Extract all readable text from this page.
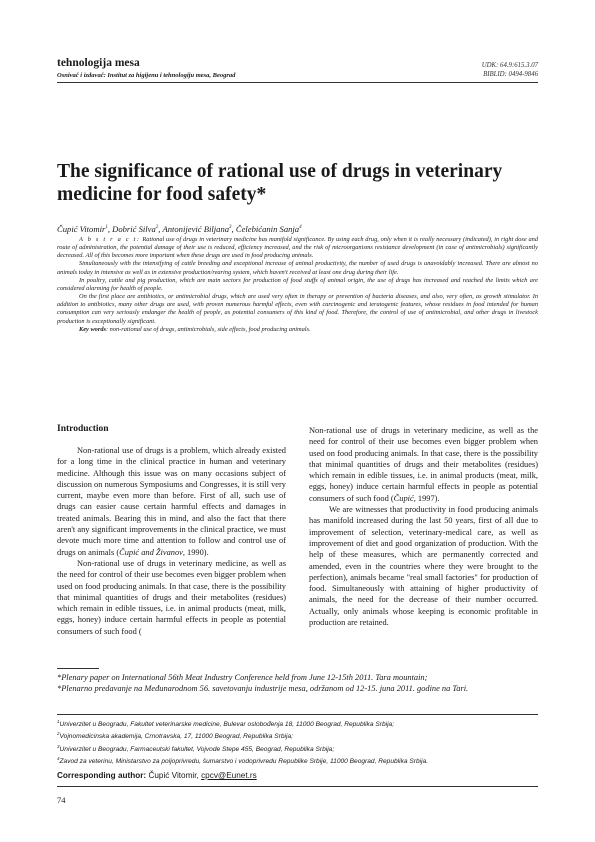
tehnologija mesa
Osnivač i izdavač: Institut za higijenu i tehnologiju mesa, Beograd
UDK: 64.9:615.3.07
BIBLID: 0494-9846
The significance of rational use of drugs in veterinary medicine for food safety*
Čupić Vitomir$^1$, Dobrić Silva$^2$, Antonijević Biljana$^3$, Čelebićanin Sanja$^4$

A b s t r a c t: Rational use of drugs in veterinary medicine has manifold significance. By using each drug, only when it is really necessary (indicated), in right dose and route of administration, the potential damage of their use is reduced, efficiency increased, and the risk of microorganisms resistance development (in case of antimicrobials) significantly decreased. All of this becomes more important when these drugs are used in food producing animals.

Simultaneously with the intensifying of cattle breeding and exceptional increase of animal productivity, the number of used drugs is unavoidably increased. There are almost no animals today in intensive as well as in extensive production/rearing system, which haven't received at least one drug during their life.

In poultry, cattle and pig production, which are main sectors for production of food stuffs of animal origin, the use of drugs has increased and reached the limits which are considered alarming for health of people.

On the first place are antibiotics, or antimicrobial drugs, which are used very often in therapy or prevention of bacteria diseases, and also, very often, as growth stimulator. In addition to antibiotics, many other drugs are used, with proven numerous harmful effects, even with carcinogenic and teratogenic features, whose residues in food intended for human consumption can very seriously endanger the health of people, as potential consumers of this kind of food. Therefore, the control of use of antimicrobial, and other drugs in livestock production is exceptionally significant.

Key words: non-rational use of drugs, antimicrobials, side effects, food producing animals.

Introduction

Non-rational use of drugs is a problem, which already existed for a long time in the clinical practice in human and veterinary medicine. Although this issue was on many occasions subject of discussion on numerous Symposiums and Congresses, it is still very current, maybe even more than before. First of all, such use of drugs can easier cause certain harmful effects and damages in treated animals. Bearing this in mind, and also the fact that there aren't any significant improvements in the clinical practice, we must devote much more time and attention to follow and control use of drugs on animals (Čupić and Živanov, 1990).

Non-rational use of drugs in veterinary medicine, as well as the need for control of their use becomes even bigger problem when used on food producing animals. In that case, there is the possibility that minimal quantities of drugs and their metabolites (residues) which remain in edible tissues, i.e. in animal products (meat, milk, eggs, honey) induce certain harmful effects in people as potential consumers of such food (

Non-rational use of drugs in veterinary medicine, as well as the need for control of their use becomes even bigger problem when used on food producing animals. In that case, there is the possibility that minimal quantities of drugs and their metabolites (residues) which remain in edible tissues, i.e. in animal products (meat, milk, eggs, honey) induce certain harmful effects in people as potential consumers of such food (Čupić, 1997).

We are witnesses that productivity in food producing animals has manifold increased during the last 50 years, first of all due to improvement of selection, veterinary-medical care, as well as improvement of diet and good organization of production. With the help of these measures, which are permanently corrected and amended, even in the countries where they were brought to the perfection), animals became "real small factories" for production of food. Simultaneously with attaining of higher productivity of animals, the need for the decrease of their number occurred. Actually, only animals whose keeping is economic profitable in production are retained.

*Plenary paper on International 56th Meat Industry Conference held from June 12-15th 2011. Tara mountain;

*Plenarno predavanje na Međunarodnom 56. savetovanju industrije mesa, održanom od 12-15. juna 2011. godine na Tari.

$^1$Univerzitet u Beogradu, Fakultet veterinarske medicine, Bulevar oslobođenja 18, 11000 Beograd, Republika Srbija;

$^2$Vojnomedicinska akademija, Crnotravska, 17, 11000 Beograd, Republika Srbija;

$^3$Univerzitet u Beogradu, Farmaceutski fakultet, Vojvode Stepe 455, Beograd, Republika Srbija;

$^4$Zavod za veterinu, Ministarstvo za poljoprivredu, šumarstvo i vodoprivredu Republike Srbije, 11000 Beograd, Republika Srbija.

Corresponding author: Čupić Vitomir, cpcv@Eunet.rs
74
